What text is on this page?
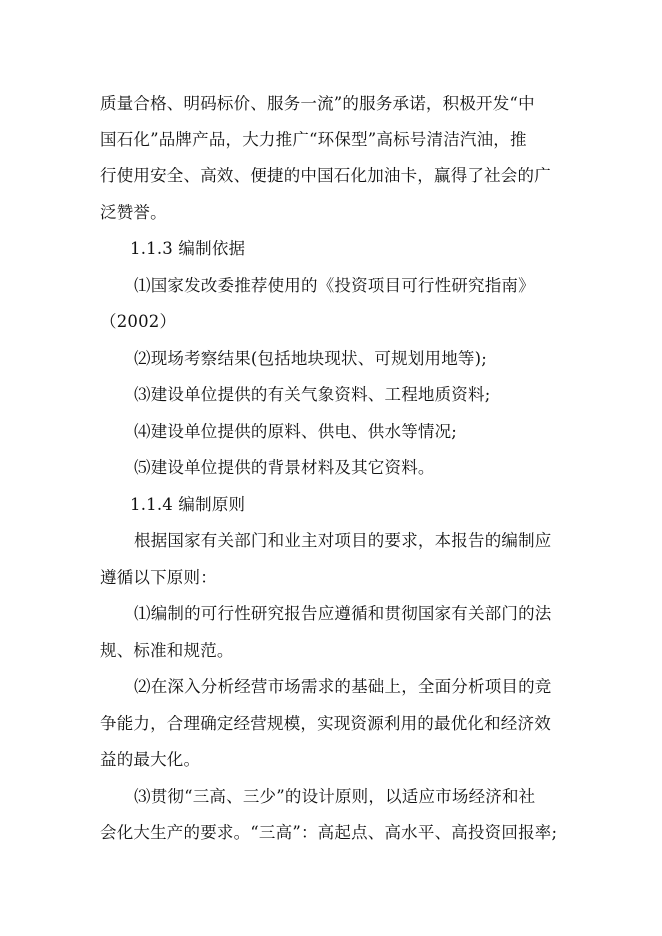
质量合格、明码标价、服务一流”的服务承诺，积极开发“中
国石化”品牌产品，大力推广“环保型”高标号清洁汽油，推
行使用安全、高效、便捷的中国石化加油卡，赢得了社会的广
泛赞誉。
1.1.3 编制依据
⑴国家发改委推荐使用的《投资项目可行性研究指南》
（2002）
⑵现场考察结果(包括地块现状、可规划用地等);
⑶建设单位提供的有关气象资料、工程地质资料;
⑷建设单位提供的原料、供电、供水等情况;
⑸建设单位提供的背景材料及其它资料。
1.1.4 编制原则
根据国家有关部门和业主对项目的要求，本报告的编制应
遵循以下原则：
⑴编制的可行性研究报告应遵循和贯彻国家有关部门的法
规、标准和规范。
⑵在深入分析经营市场需求的基础上，全面分析项目的竞
争能力，合理确定经营规模，实现资源利用的最优化和经济效
益的最大化。
⑶贯彻“三高、三少”的设计原则，以适应市场经济和社
会化大生产的要求。“三高”：高起点、高水平、高投资回报率;
